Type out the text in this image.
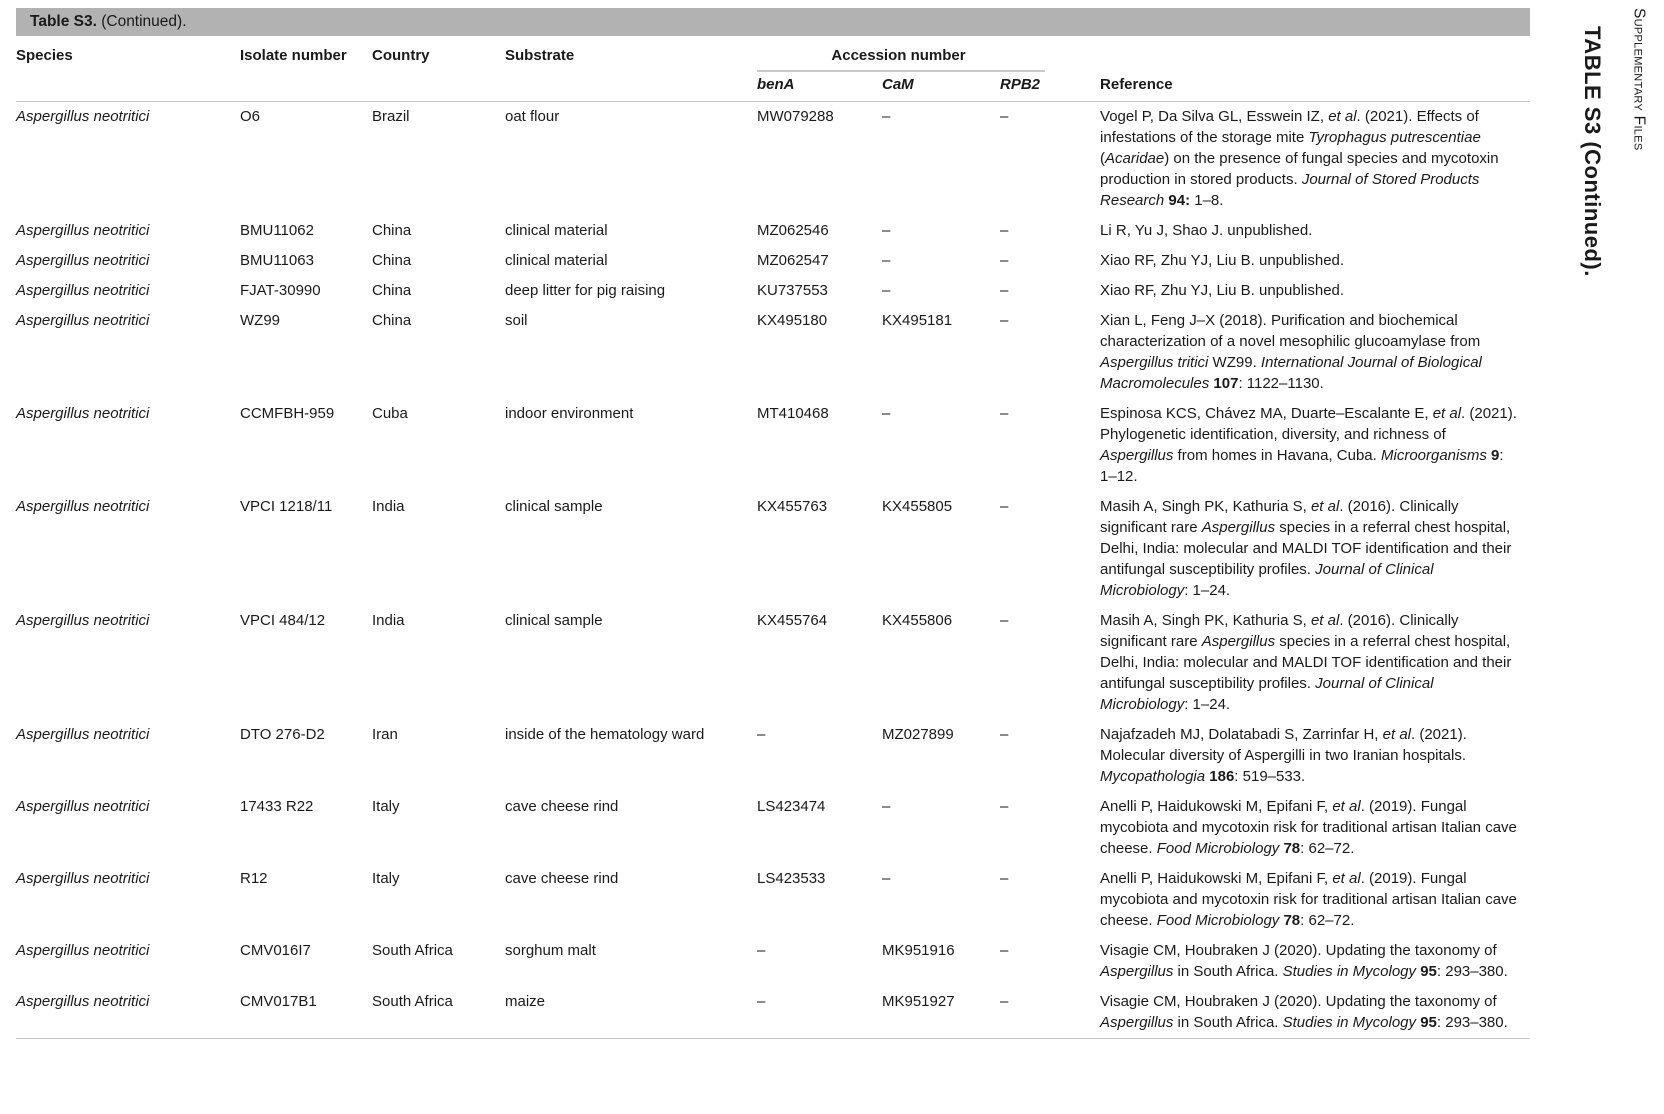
Table S3. (Continued).
Species	Isolate number	Country	Substrate	Accession number			Reference
				benA	CaM	RPB2	
Aspergillus neotritici	O6	Brazil	oat flour	MW079288	–	–	Vogel P, Da Silva GL, Esswein IZ, et al. (2021). Effects of infestations of the storage mite Tyrophagus putrescentiae (Acaridae) on the presence of fungal species and mycotoxin production in stored products. Journal of Stored Products Research 94: 1–8.
Aspergillus neotritici	BMU11062	China	clinical material	MZ062546	–	–	Li R, Yu J, Shao J. unpublished.
Aspergillus neotritici	BMU11063	China	clinical material	MZ062547	–	–	Xiao RF, Zhu YJ, Liu B. unpublished.
Aspergillus neotritici	FJAT-30990	China	deep litter for pig raising	KU737553	–	–	Xiao RF, Zhu YJ, Liu B. unpublished.
Aspergillus neotritici	WZ99	China	soil	KX495180	KX495181	–	Xian L, Feng J–X (2018). Purification and biochemical characterization of a novel mesophilic glucoamylase from Aspergillus tritici WZ99. International Journal of Biological Macromolecules 107: 1122–1130.
Aspergillus neotritici	CCMFBH-959	Cuba	indoor environment	MT410468	–	–	Espinosa KCS, Chávez MA, Duarte–Escalante E, et al. (2021). Phylogenetic identification, diversity, and richness of Aspergillus from homes in Havana, Cuba. Microorganisms 9: 1–12.
Aspergillus neotritici	VPCI 1218/11	India	clinical sample	KX455763	KX455805	–	Masih A, Singh PK, Kathuria S, et al. (2016). Clinically significant rare Aspergillus species in a referral chest hospital, Delhi, India: molecular and MALDI TOF identification and their antifungal susceptibility profiles. Journal of Clinical Microbiology: 1–24.
Aspergillus neotritici	VPCI 484/12	India	clinical sample	KX455764	KX455806	–	Masih A, Singh PK, Kathuria S, et al. (2016). Clinically significant rare Aspergillus species in a referral chest hospital, Delhi, India: molecular and MALDI TOF identification and their antifungal susceptibility profiles. Journal of Clinical Microbiology: 1–24.
Aspergillus neotritici	DTO 276-D2	Iran	inside of the hematology ward	–	MZ027899	–	Najafzadeh MJ, Dolatabadi S, Zarrinfar H, et al. (2021). Molecular diversity of Aspergilli in two Iranian hospitals. Mycopathologia 186: 519–533.
Aspergillus neotritici	17433 R22	Italy	cave cheese rind	LS423474	–	–	Anelli P, Haidukowski M, Epifani F, et al. (2019). Fungal mycobiota and mycotoxin risk for traditional artisan Italian cave cheese. Food Microbiology 78: 62–72.
Aspergillus neotritici	R12	Italy	cave cheese rind	LS423533	–	–	Anelli P, Haidukowski M, Epifani F, et al. (2019). Fungal mycobiota and mycotoxin risk for traditional artisan Italian cave cheese. Food Microbiology 78: 62–72.
Aspergillus neotritici	CMV016I7	South Africa	sorghum malt	–	MK951916	–	Visagie CM, Houbraken J (2020). Updating the taxonomy of Aspergillus in South Africa. Studies in Mycology 95: 293–380.
Aspergillus neotritici	CMV017B1	South Africa	maize	–	MK951927	–	Visagie CM, Houbraken J (2020). Updating the taxonomy of Aspergillus in South Africa. Studies in Mycology 95: 293–380.
TABLE S3 (Continued). Supplementary Files
